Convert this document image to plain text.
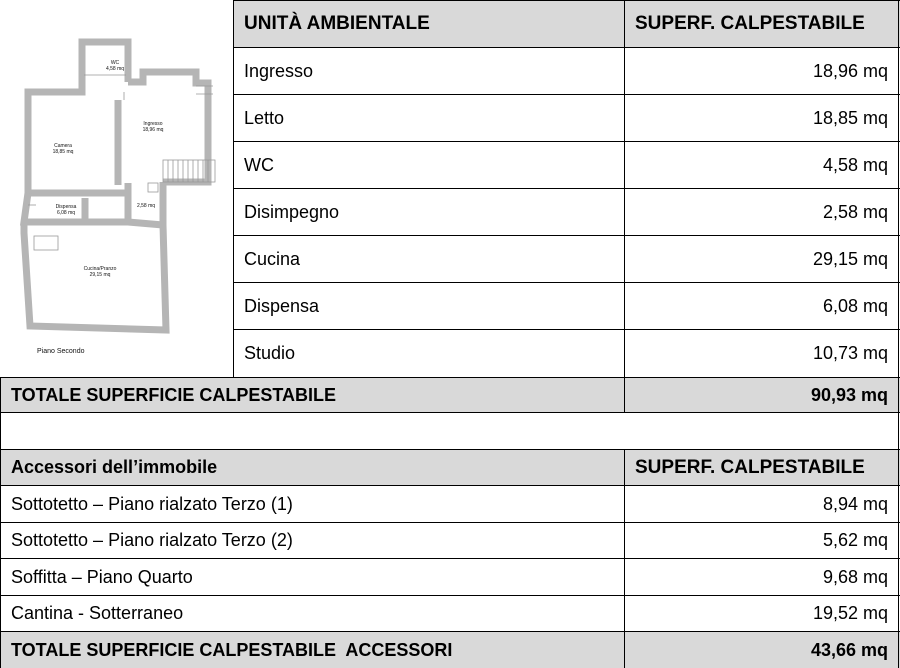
WC
4,58 mq
Ingresso
18,96 mq
Camera
18,85 mq
Dispensa
6,08 mq
2,58 mq
Cucina/Pranzo
29,15 mq
Piano Secondo
UNITÀ AMBIENTALE	SUPERF. CALPESTABILE
Ingresso	18,96 mq
Letto	18,85 mq
WC	4,58 mq
Disimpegno	2,58 mq
Cucina	29,15 mq
Dispensa	6,08 mq
Studio	10,73 mq
TOTALE SUPERFICIE CALPESTABILE	90,93 mq
Accessori dell’immobile	SUPERF. CALPESTABILE
Sottotetto – Piano rialzato Terzo (1)	8,94 mq
Sottotetto – Piano rialzato Terzo (2)	5,62 mq
Soffitta – Piano Quarto	9,68 mq
Cantina - Sotterraneo	19,52 mq
TOTALE SUPERFICIE CALPESTABILE  ACCESSORI	43,66 mq
